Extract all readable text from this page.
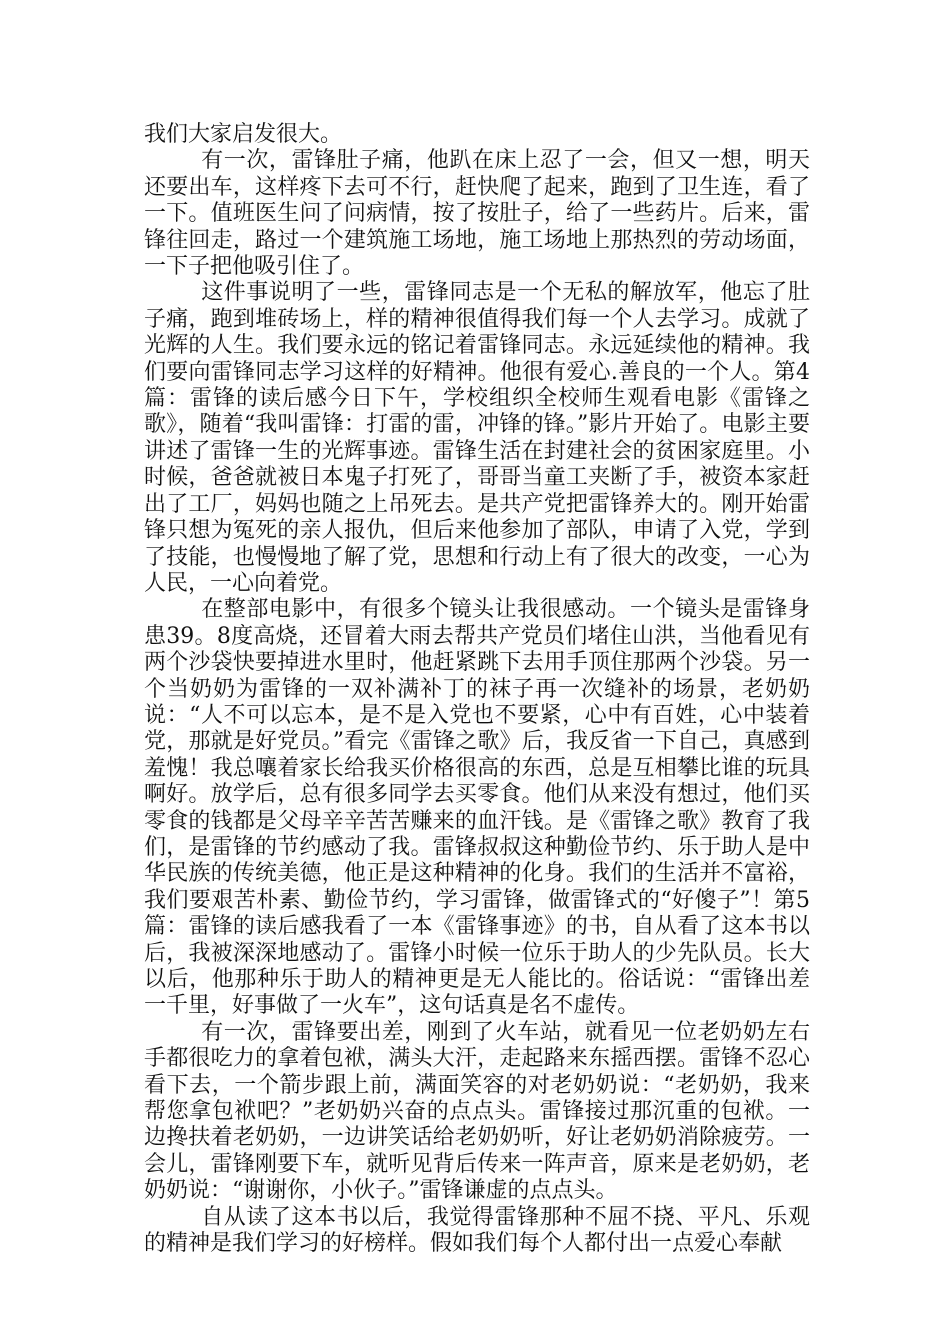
我们大家启发很大。

有一次，雷锋肚子痛，他趴在床上忍了一会，但又一想，明天还要出车，这样疼下去可不行，赶快爬了起来，跑到了卫生连，看了一下。值班医生问了问病情，按了按肚子，给了一些药片。后来，雷锋往回走，路过一个建筑施工场地，施工场地上那热烈的劳动场面，一下子把他吸引住了。

这件事说明了一些，雷锋同志是一个无私的解放军，他忘了肚子痛，跑到堆砖场上，样的精神很值得我们每一个人去学习。成就了光辉的人生。我们要永远的铭记着雷锋同志。永远延续他的精神。我们要向雷锋同志学习这样的好精神。他很有爱心.善良的一个人。第4篇：雷锋的读后感今日下午，学校组织全校师生观看电影《雷锋之歌》，随着“我叫雷锋：打雷的雷，冲锋的锋。”影片开始了。电影主要讲述了雷锋一生的光辉事迹。雷锋生活在封建社会的贫困家庭里。小时候，爸爸就被日本鬼子打死了，哥哥当童工夹断了手，被资本家赶出了工厂，妈妈也随之上吊死去。是共产党把雷锋养大的。刚开始雷锋只想为冤死的亲人报仇，但后来他参加了部队，申请了入党，学到了技能，也慢慢地了解了党，思想和行动上有了很大的改变，一心为人民，一心向着党。

在整部电影中，有很多个镜头让我很感动。一个镜头是雷锋身患39。8度高烧，还冒着大雨去帮共产党员们堵住山洪，当他看见有两个沙袋快要掉进水里时，他赶紧跳下去用手顶住那两个沙袋。另一个当奶奶为雷锋的一双补满补丁的袜子再一次缝补的场景，老奶奶说：“人不可以忘本，是不是入党也不要紧，心中有百姓，心中装着党，那就是好党员。”看完《雷锋之歌》后，我反省一下自己，真感到羞愧！我总嚷着家长给我买价格很高的东西，总是互相攀比谁的玩具啊好。放学后，总有很多同学去买零食。他们从来没有想过，他们买零食的钱都是父母辛辛苦苦赚来的血汗钱。是《雷锋之歌》教育了我们，是雷锋的节约感动了我。雷锋叔叔这种勤俭节约、乐于助人是中华民族的传统美德，他正是这种精神的化身。我们的生活并不富裕，我们要艰苦朴素、勤俭节约，学习雷锋，做雷锋式的“好傻子”！第5篇：雷锋的读后感我看了一本《雷锋事迹》的书，自从看了这本书以后，我被深深地感动了。雷锋小时候一位乐于助人的少先队员。长大以后，他那种乐于助人的精神更是无人能比的。俗话说：“雷锋出差一千里，好事做了一火车”，这句话真是名不虚传。

有一次，雷锋要出差，刚到了火车站，就看见一位老奶奶左右手都很吃力的拿着包袱，满头大汗，走起路来东摇西摆。雷锋不忍心看下去，一个箭步跟上前，满面笑容的对老奶奶说：“老奶奶，我来帮您拿包袱吧？”老奶奶兴奋的点点头。雷锋接过那沉重的包袱。一边搀扶着老奶奶，一边讲笑话给老奶奶听，好让老奶奶消除疲劳。一会儿，雷锋刚要下车，就听见背后传来一阵声音，原来是老奶奶，老奶奶说：“谢谢你，小伙子。”雷锋谦虚的点点头。

自从读了这本书以后，我觉得雷锋那种不屈不挠、平凡、乐观的精神是我们学习的好榜样。假如我们每个人都付出一点爱心奉献
